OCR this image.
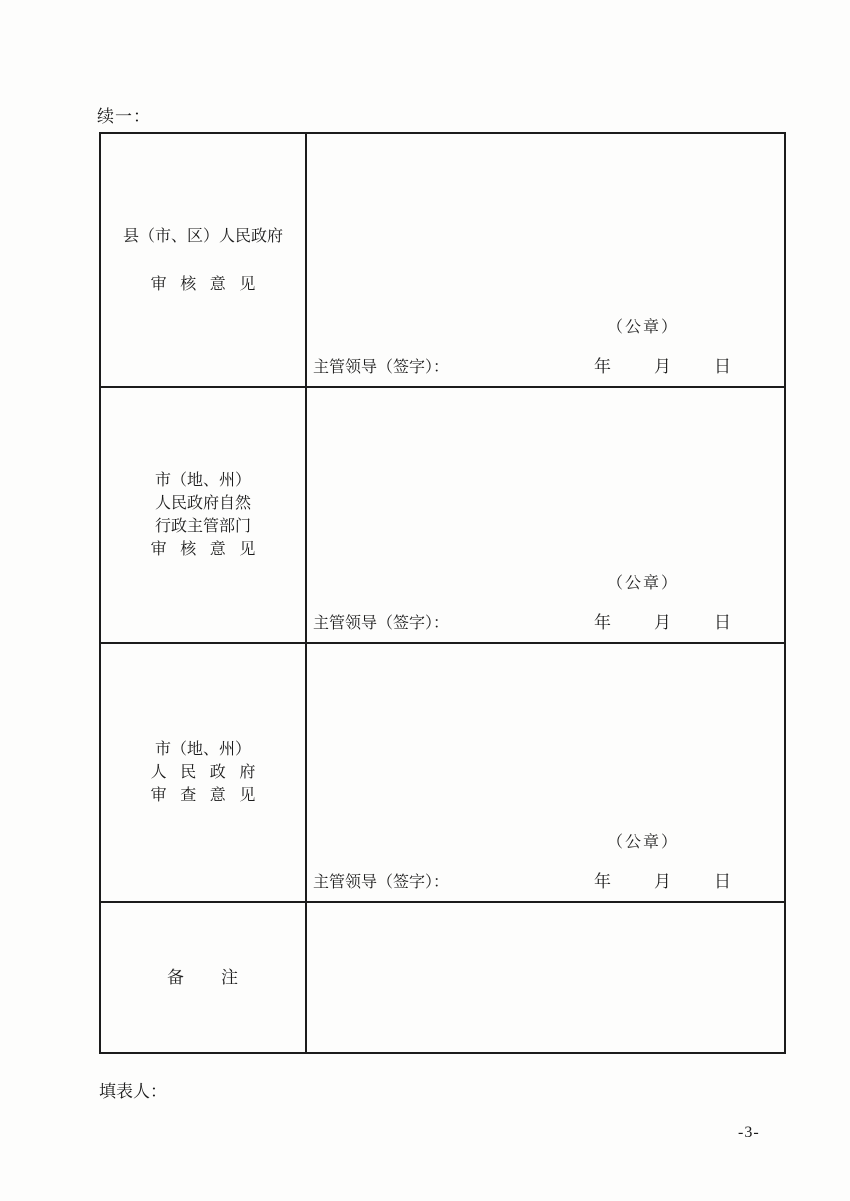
续一：
县（市、区）人民政府
审 核 意 见
（公章）
主管领导（签字）：	年	月	日
市（地、州）
人民政府自然
行政主管部门
审 核 意 见
（公章）
主管领导（签字）：	年	月	日
市（地、州）
人 民 政 府
审 查 意 见
（公章）
主管领导（签字）：	年	月	日
备　　注
填表人：
-3-
